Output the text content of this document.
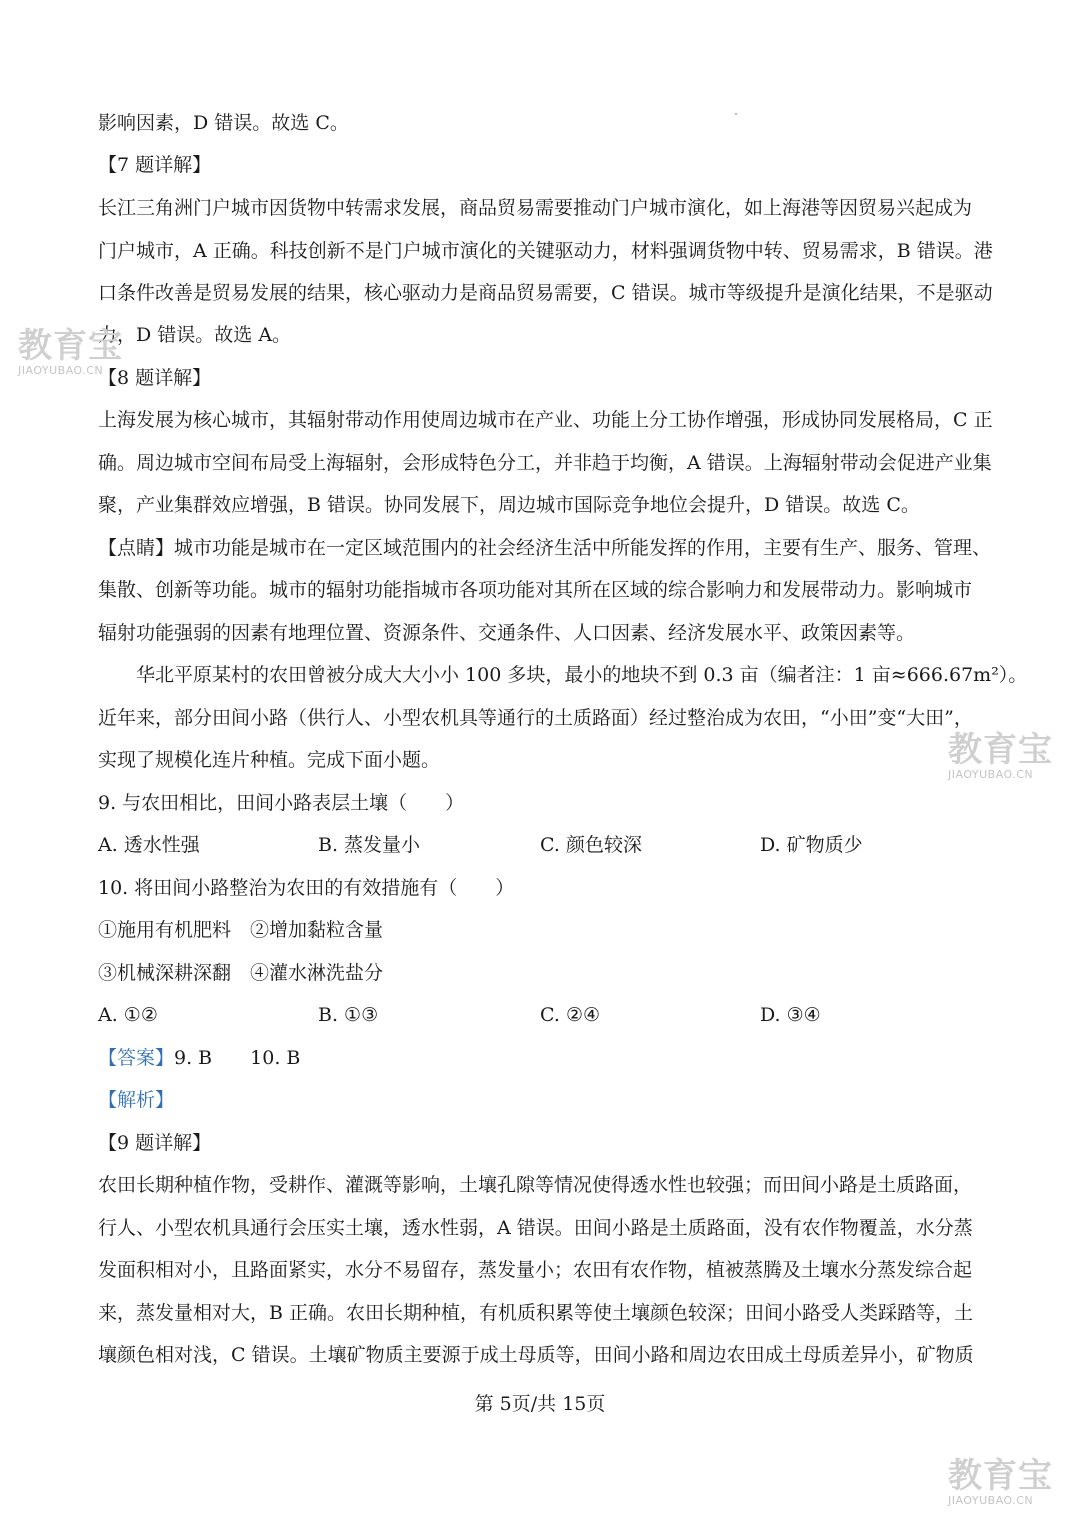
影响因素，D 错误。故选 C。
【7 题详解】
长江三角洲门户城市因货物中转需求发展，商品贸易需要推动门户城市演化，如上海港等因贸易兴起成为
门户城市，A 正确。科技创新不是门户城市演化的关键驱动力，材料强调货物中转、贸易需求，B 错误。港
口条件改善是贸易发展的结果，核心驱动力是商品贸易需要，C 错误。城市等级提升是演化结果，不是驱动
力，D 错误。故选 A。
【8 题详解】
上海发展为核心城市，其辐射带动作用使周边城市在产业、功能上分工协作增强，形成协同发展格局，C 正
确。周边城市空间布局受上海辐射，会形成特色分工，并非趋于均衡，A 错误。上海辐射带动会促进产业集
聚，产业集群效应增强，B 错误。协同发展下，周边城市国际竞争地位会提升，D 错误。故选 C。
【点睛】城市功能是城市在一定区域范围内的社会经济生活中所能发挥的作用，主要有生产、服务、管理、
集散、创新等功能。城市的辐射功能指城市各项功能对其所在区域的综合影响力和发展带动力。影响城市
辐射功能强弱的因素有地理位置、资源条件、交通条件、人口因素、经济发展水平、政策因素等。
华北平原某村的农田曾被分成大大小小 100 多块，最小的地块不到 0.3 亩（编者注：1 亩≈666.67m²）。
近年来，部分田间小路（供行人、小型农机具等通行的土质路面）经过整治成为农田，“小田”变“大田”，
实现了规模化连片种植。完成下面小题。
9. 与农田相比，田间小路表层土壤（　　）
A. 透水性强	B. 蒸发量小	C. 颜色较深	D. 矿物质少
10. 将田间小路整治为农田的有效措施有（　　）
①施用有机肥料　②增加黏粒含量
③机械深耕深翻　④灌水淋洗盐分
A. ①②	B. ①③	C. ②④	D. ③④
【答案】9. B　　10. B
【解析】
【9 题详解】
农田长期种植作物，受耕作、灌溉等影响，土壤孔隙等情况使得透水性也较强；而田间小路是土质路面，
行人、小型农机具通行会压实土壤，透水性弱，A 错误。田间小路是土质路面，没有农作物覆盖，水分蒸
发面积相对小，且路面紧实，水分不易留存，蒸发量小；农田有农作物，植被蒸腾及土壤水分蒸发综合起
来，蒸发量相对大，B 正确。农田长期种植，有机质积累等使土壤颜色较深；田间小路受人类踩踏等，土
壤颜色相对浅，C 错误。土壤矿物质主要源于成土母质等，田间小路和周边农田成土母质差异小，矿物质
第 5页/共 15页
教育宝
JIAOYUBAO.CN
教育宝
JIAOYUBAO.CN
教育宝
JIAOYUBAO.CN
